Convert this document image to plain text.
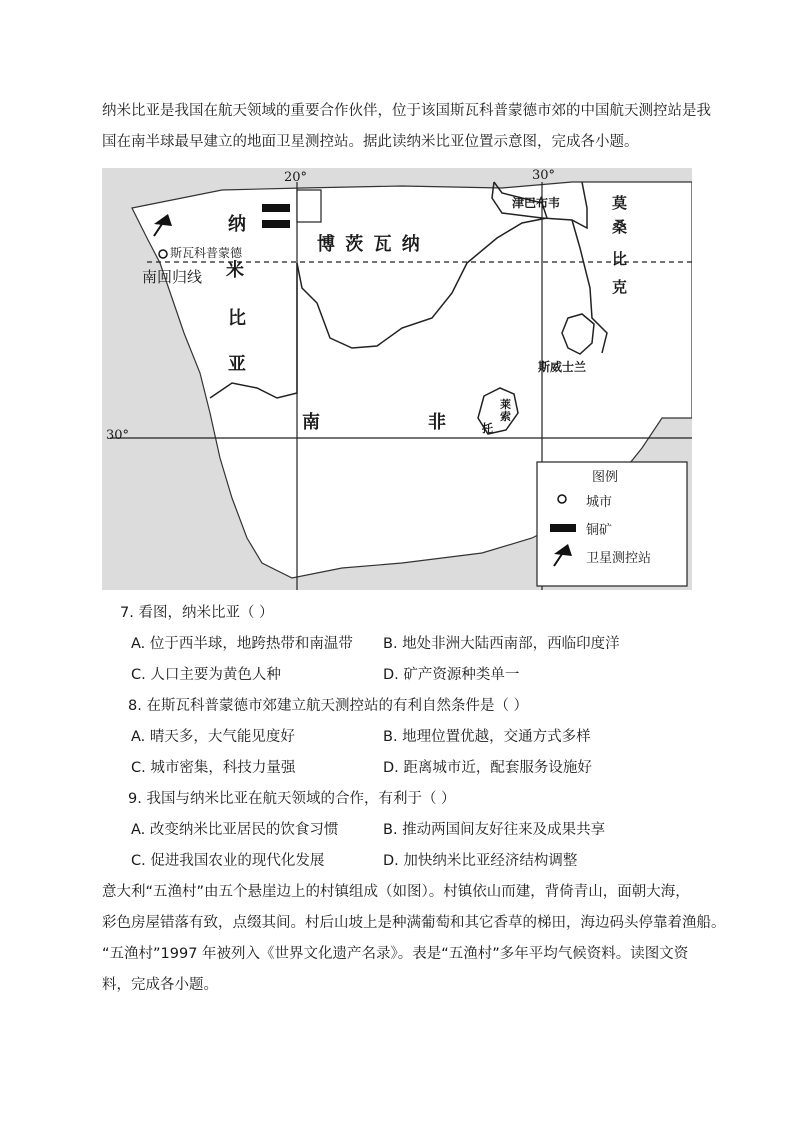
纳米比亚是我国在航天领域的重要合作伙伴，位于该国斯瓦科普蒙德市郊的中国航天测控站是我
国在南半球最早建立的地面卫星测控站。据此读纳米比亚位置示意图，完成各小题。
20°	30°
30°
南回归线
斯瓦科普蒙德
纳
米
比
亚
博 茨 瓦 纳
津巴布韦	莫
桑
比
克
斯威士兰
南	非
莱
索
托
图例
城市
铜矿
卫星测控站
7. 看图，纳米比亚（ ）
A. 位于西半球，地跨热带和南温带 B. 地处非洲大陆西南部，西临印度洋
C. 人口主要为黄色人种	D. 矿产资源种类单一
8. 在斯瓦科普蒙德市郊建立航天测控站的有利自然条件是（ ）
A. 晴天多，大气能见度好	B. 地理位置优越，交通方式多样
C. 城市密集，科技力量强	D. 距离城市近，配套服务设施好
9. 我国与纳米比亚在航天领域的合作，有利于（ ）
A. 改变纳米比亚居民的饮食习惯	B. 推动两国间友好往来及成果共享
C. 促进我国农业的现代化发展	D. 加快纳米比亚经济结构调整
意大利“五渔村”由五个悬崖边上的村镇组成（如图）。村镇依山而建，背倚青山，面朝大海，
彩色房屋错落有致，点缀其间。村后山坡上是种满葡萄和其它香草的梯田，海边码头停靠着渔船。
“五渔村”1997 年被列入《世界文化遗产名录》。表是“五渔村”多年平均气候资料。读图文资
料，完成各小题。
